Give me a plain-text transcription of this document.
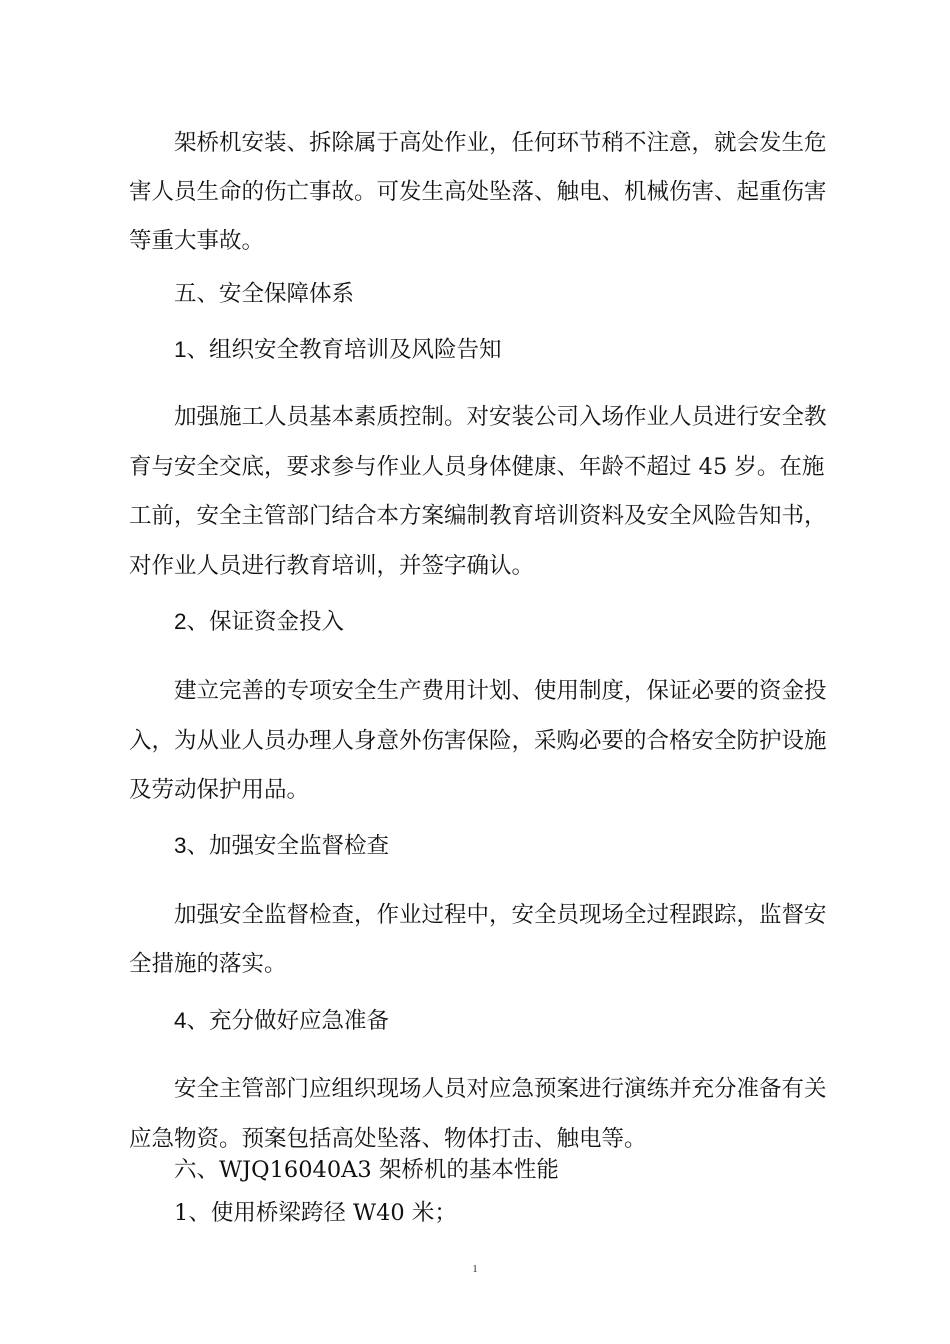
架桥机安装、拆除属于高处作业，任何环节稍不注意，就会发生危
害人员生命的伤亡事故。可发生高处坠落、触电、机械伤害、起重伤害
等重大事故。
五、安全保障体系
1、组织安全教育培训及风险告知
加强施工人员基本素质控制。对安装公司入场作业人员进行安全教
育与安全交底，要求参与作业人员身体健康、年龄不超过 45 岁。在施
工前，安全主管部门结合本方案编制教育培训资料及安全风险告知书，
对作业人员进行教育培训，并签字确认。
2、保证资金投入
建立完善的专项安全生产费用计划、使用制度，保证必要的资金投
入，为从业人员办理人身意外伤害保险，采购必要的合格安全防护设施
及劳动保护用品。
3、加强安全监督检查
加强安全监督检查，作业过程中，安全员现场全过程跟踪，监督安
全措施的落实。
4、充分做好应急准备
安全主管部门应组织现场人员对应急预案进行演练并充分准备有关
应急物资。预案包括高处坠落、物体打击、触电等。
六、WJQ16040A3 架桥机的基本性能
1、使用桥梁跨径 W40 米；
1
